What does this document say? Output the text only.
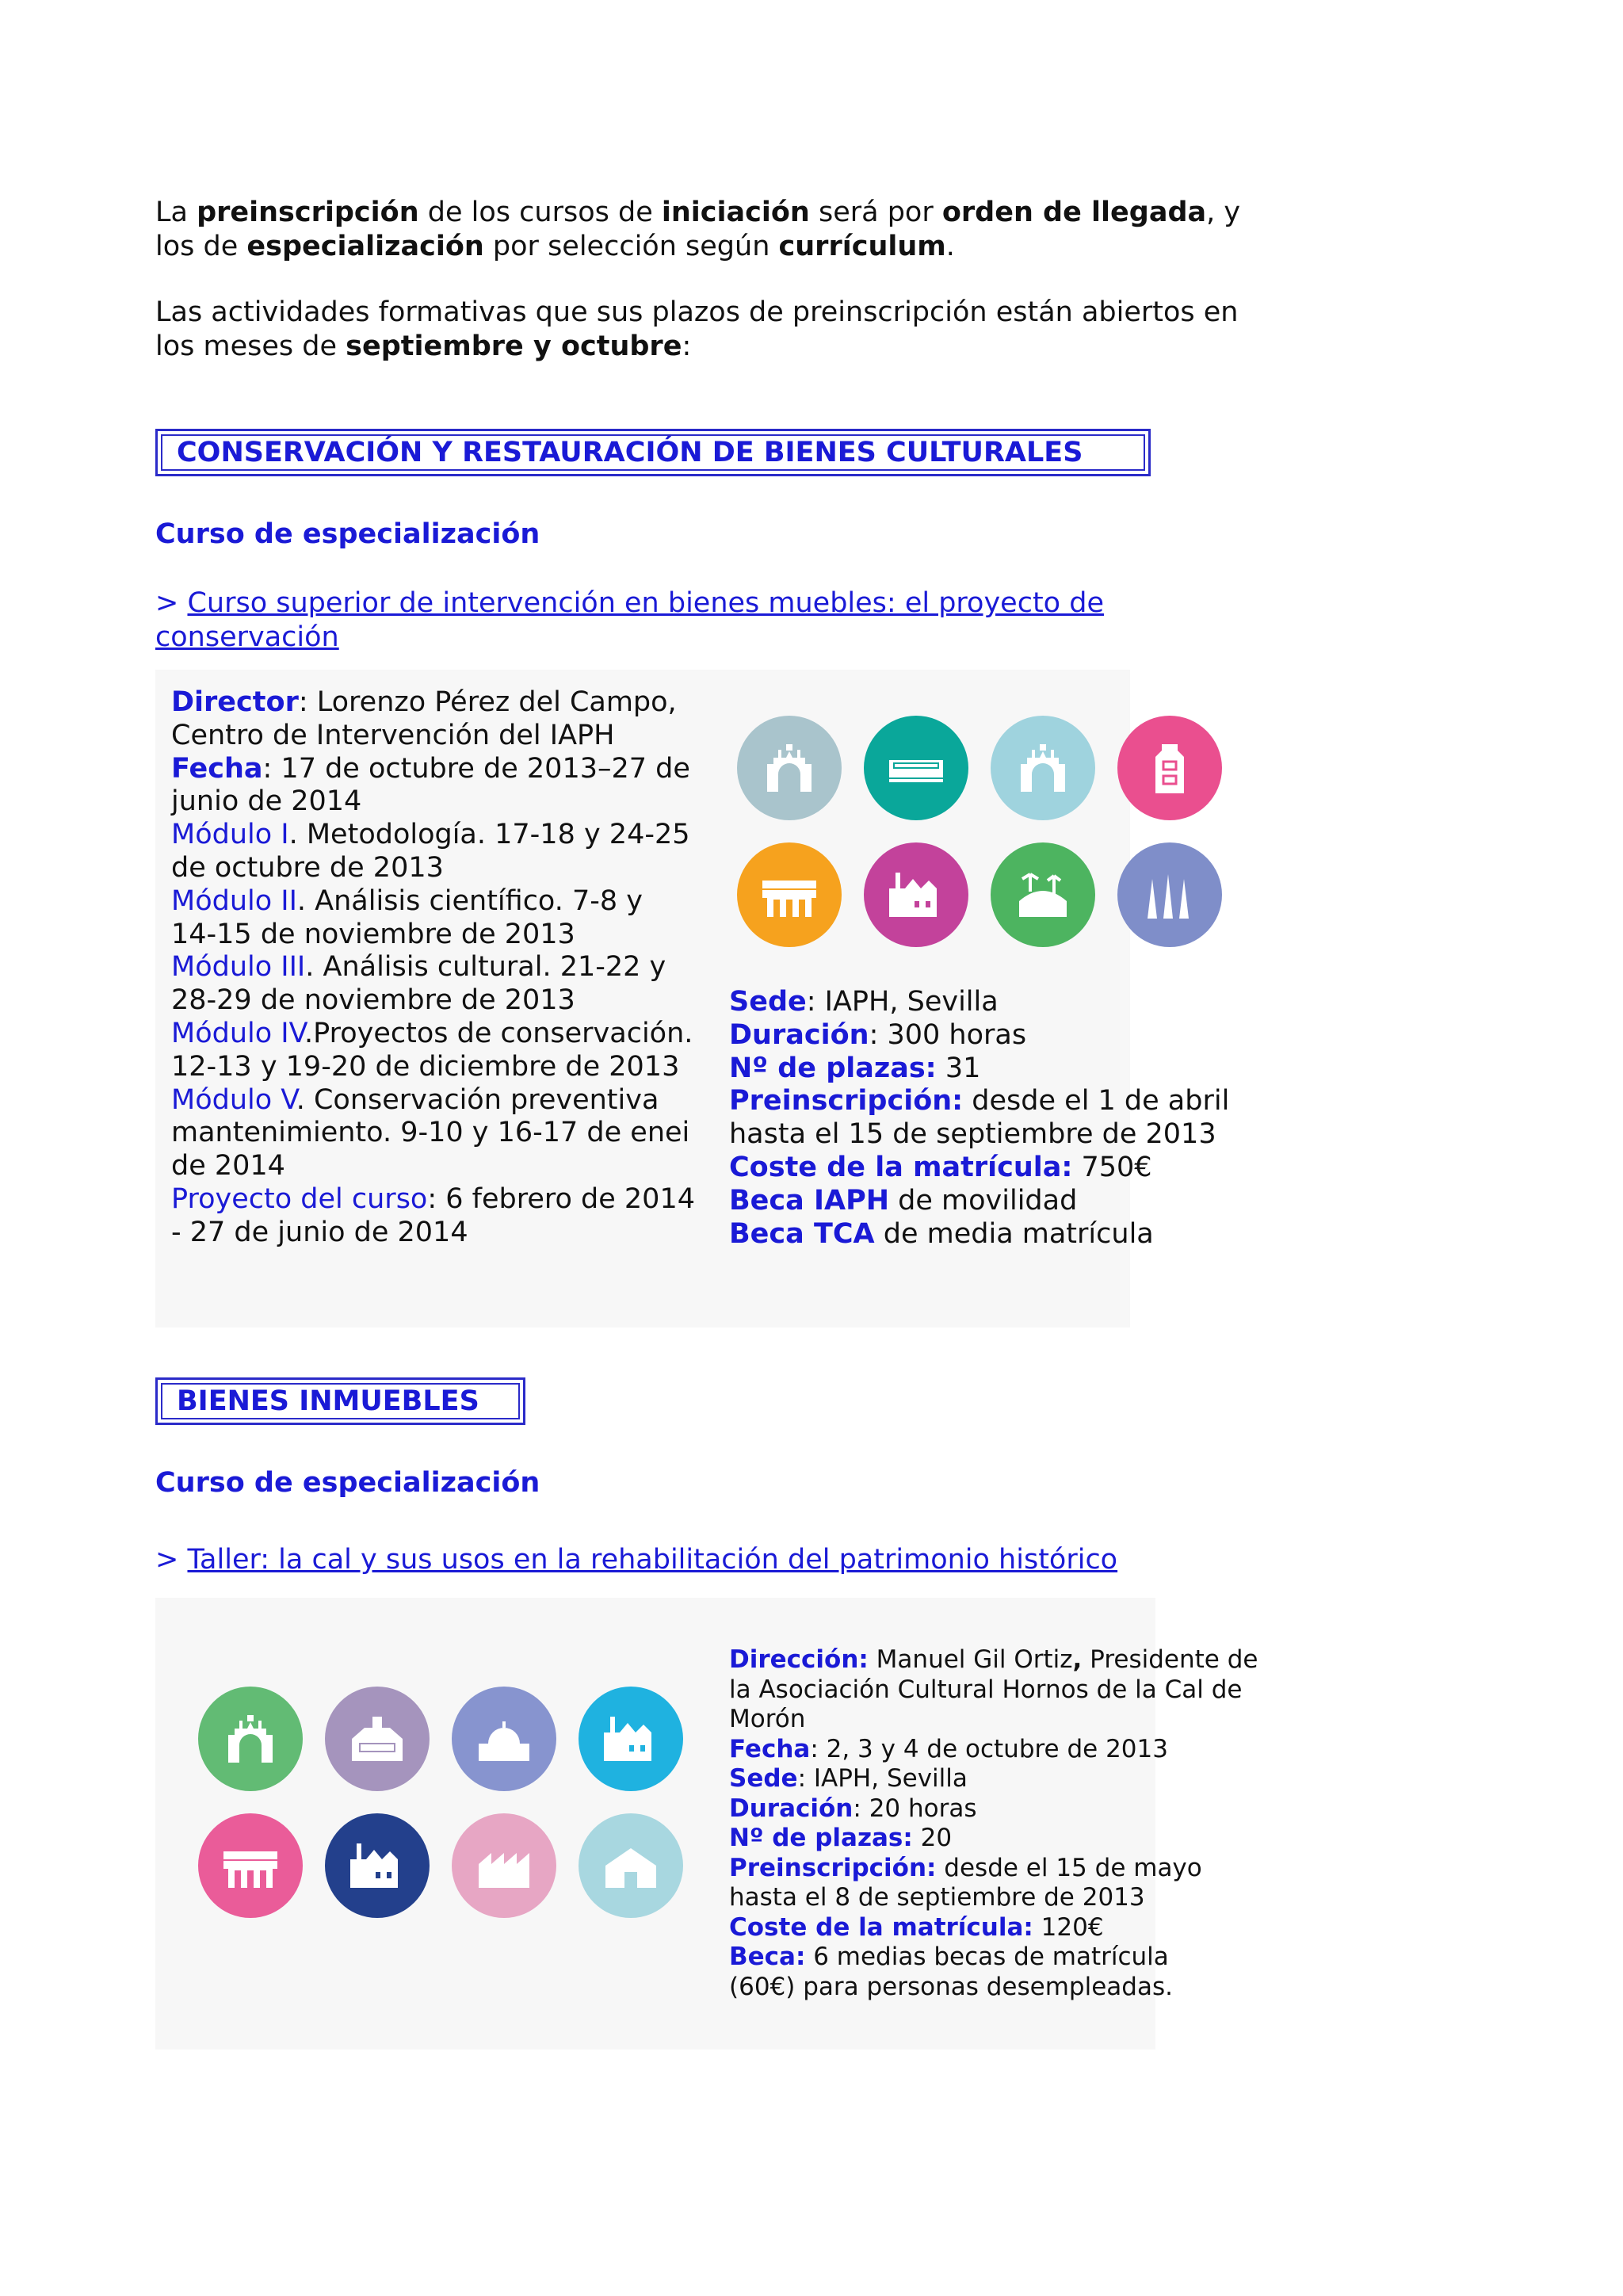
La preinscripción de los cursos de iniciación será por orden de llegada, y
los de especialización por selección según currículum.
Las actividades formativas que sus plazos de preinscripción están abiertos en
los meses de septiembre y octubre:
CONSERVACIÓN Y RESTAURACIÓN DE BIENES CULTURALES
Curso de especialización
> Curso superior de intervención en bienes muebles: el proyecto de
conservación
Director: Lorenzo Pérez del Campo,
Centro de Intervención del IAPH
Fecha: 17 de octubre de 2013–27 de
junio de 2014
Módulo I. Metodología. 17-18 y 24-25
de octubre de 2013
Módulo II. Análisis científico. 7-8 y
14-15 de noviembre de 2013
Módulo III. Análisis cultural. 21-22 y
28-29 de noviembre de 2013
Módulo IV.Proyectos de conservación.
12-13 y 19-20 de diciembre de 2013
Módulo V. Conservación preventiva
mantenimiento. 9-10 y 16-17 de enei
de 2014
Proyecto del curso: 6 febrero de 2014
- 27 de junio de 2014
Sede: IAPH, Sevilla
Duración: 300 horas
Nº de plazas: 31
Preinscripción: desde el 1 de abril
hasta el 15 de septiembre de 2013
Coste de la matrícula: 750€
Beca IAPH de movilidad
Beca TCA de media matrícula
BIENES INMUEBLES
Curso de especialización
> Taller: la cal y sus usos en la rehabilitación del patrimonio histórico
Dirección: Manuel Gil Ortiz, Presidente de
la Asociación Cultural Hornos de la Cal de
Morón
Fecha: 2, 3 y 4 de octubre de 2013
Sede: IAPH, Sevilla
Duración: 20 horas
Nº de plazas: 20
Preinscripción: desde el 15 de mayo
hasta el 8 de septiembre de 2013
Coste de la matrícula: 120€
Beca: 6 medias becas de matrícula
(60€) para personas desempleadas.
